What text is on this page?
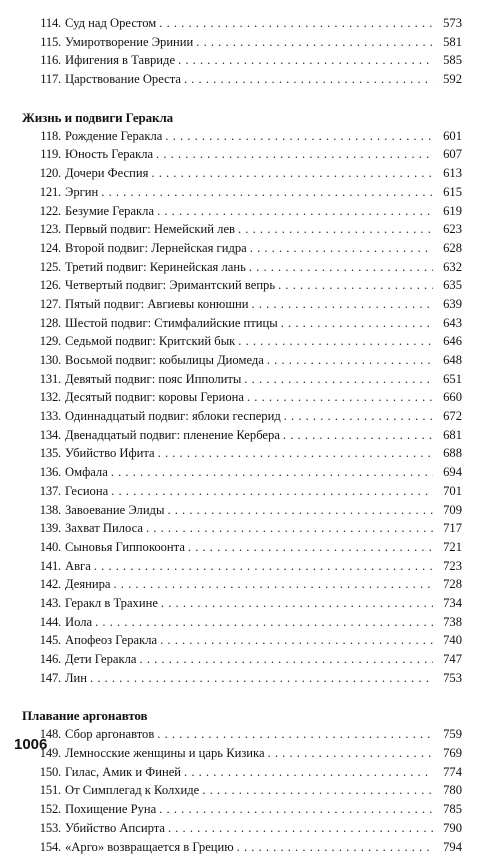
114. Суд над Орестом . . .	573
115. Умиротворение Эринии . . .	581
116. Ифигения в Тавриде . . .	585
117. Царствование Ореста . . .	592
Жизнь и подвиги Геракла
118. Рождение Геракла . . .	601
119. Юность Геракла . . .	607
120. Дочери Феспия . . .	613
121. Эргин . . .	615
122. Безумие Геракла . . .	619
123. Первый подвиг: Немейский лев . . .	623
124. Второй подвиг: Лернейская гидра . . .	628
125. Третий подвиг: Керинейская лань . . .	632
126. Четвертый подвиг: Эримантский вепрь . . .	635
127. Пятый подвиг: Авгиевы конюшни . . .	639
128. Шестой подвиг: Стимфалийские птицы . . .	643
129. Седьмой подвиг: Критский бык . . .	646
130. Восьмой подвиг: кобылицы Диомеда . . .	648
131. Девятый подвиг: пояс Ипполиты . . .	651
132. Десятый подвиг: коровы Гериона . . .	660
133. Одиннадцатый подвиг: яблоки гесперид . . .	672
134. Двенадцатый подвиг: пленение Кербера . . .	681
135. Убийство Ифита . . .	688
136. Омфала . . .	694
137. Гесиона . . .	701
138. Завоевание Элиды . . .	709
139. Захват Пилоса . . .	717
140. Сыновья Гиппокоонта . . .	721
141. Авга . . .	723
142. Деянира . . .	728
143. Геракл в Трахине . . .	734
144. Иола . . .	738
145. Апофеоз Геракла . . .	740
146. Дети Геракла . . .	747
147. Лин . . .	753
Плавание аргонавтов
148. Сбор аргонавтов . . .	759
149. Лемносские женщины и царь Кизика . . .	769
150. Гилас, Амик и Финей . . .	774
151. От Симплегад к Колхиде . . .	780
152. Похищение Руна . . .	785
153. Убийство Апсирта . . .	790
154. «Арго» возвращается в Грецию . . .	794
1006
